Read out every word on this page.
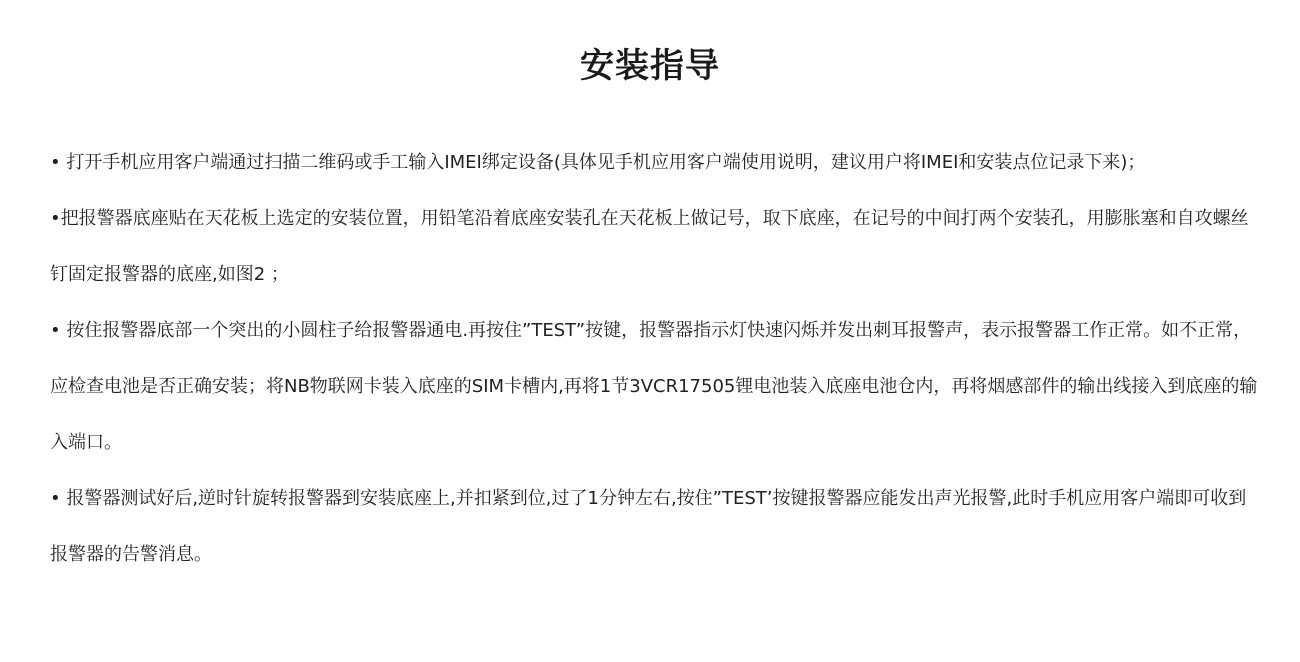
安装指导

• 打开手机应用客户端通过扫描二维码或手工输入IMEI绑定设备(具体见手机应用客户端使用说明，建议用户将IMEI和安装点位记录下来)；

•把报警器底座贴在天花板上选定的安装位置，用铅笔沿着底座安装孔在天花板上做记号，取下底座，在记号的中间打两个安装孔，用膨胀塞和自攻螺丝钉固定报警器的底座,如图2 ；

• 按住报警器底部一个突出的小圆柱子给报警器通电.再按住”TEST”按键，报警器指示灯快速闪烁并发出刺耳报警声，表示报警器工作正常。如不正常，应检查电池是否正确安装；将NB物联网卡装入底座的SIM卡槽内,再将1节3VCR17505锂电池装入底座电池仓内，再将烟感部件的输出线接入到底座的输入端口。

• 报警器测试好后,逆时针旋转报警器到安装底座上,并扣紧到位,过了1分钟左右,按住”TEST’按键报警器应能发出声光报警,此时手机应用客户端即可收到报警器的告警消息。
